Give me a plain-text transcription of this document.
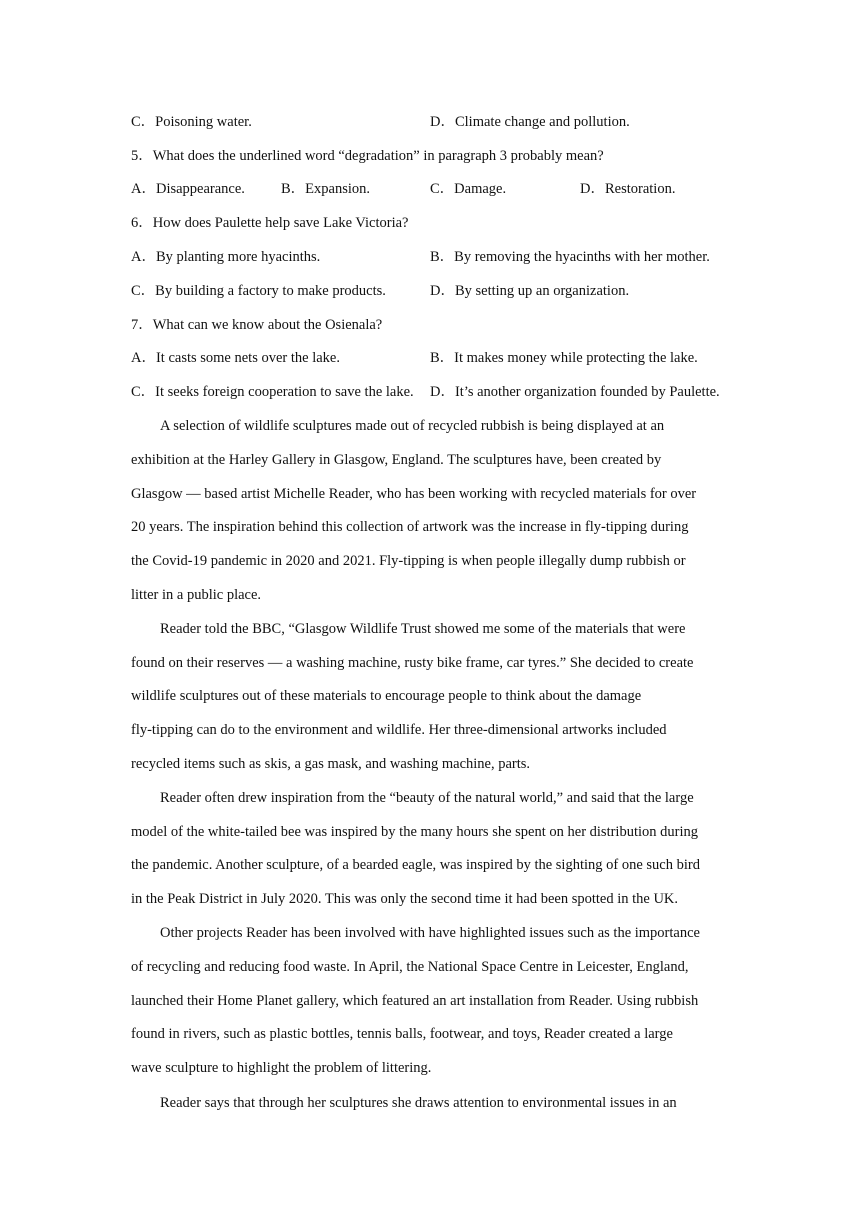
C．Poisoning water.	D．Climate change and pollution.
5．What does the underlined word “degradation” in paragraph 3 probably mean?
A．Disappearance. B．Expansion.	C．Damage.	D．Restoration.
6．How does Paulette help save Lake Victoria?
A．By planting more hyacinths.	B．By removing the hyacinths with her mother.
C．By building a factory to make products.	D．By setting up an organization.
7．What can we know about the Osienala?
A．It casts some nets over the lake.	B．It makes money while protecting the lake.
C．It seeks foreign cooperation to save the lake. D．It’s another organization founded by Paulette.
A selection of wildlife sculptures made out of recycled rubbish is being displayed at an
exhibition at the Harley Gallery in Glasgow, England. The sculptures have, been created by
Glasgow — based artist Michelle Reader, who has been working with recycled materials for over
20 years. The inspiration behind this collection of artwork was the increase in fly-tipping during
the Covid-19 pandemic in 2020 and 2021. Fly-tipping is when people illegally dump rubbish or
litter in a public place.
Reader told the BBC, “Glasgow Wildlife Trust showed me some of the materials that were
found on their reserves — a washing machine, rusty bike frame, car tyres.” She decided to create
wildlife sculptures out of these materials to encourage people to think about the damage
fly-tipping can do to the environment and wildlife. Her three-dimensional artworks included
recycled items such as skis, a gas mask, and washing machine, parts.
Reader often drew inspiration from the “beauty of the natural world,” and said that the large
model of the white-tailed bee was inspired by the many hours she spent on her distribution during
the pandemic. Another sculpture, of a bearded eagle, was inspired by the sighting of one such bird
in the Peak District in July 2020. This was only the second time it had been spotted in the UK.
Other projects Reader has been involved with have highlighted issues such as the importance
of recycling and reducing food waste. In April, the National Space Centre in Leicester, England,
launched their Home Planet gallery, which featured an art installation from Reader. Using rubbish
found in rivers, such as plastic bottles, tennis balls, footwear, and toys, Reader created a large
wave sculpture to highlight the problem of littering.
Reader says that through her sculptures she draws attention to environmental issues in an
